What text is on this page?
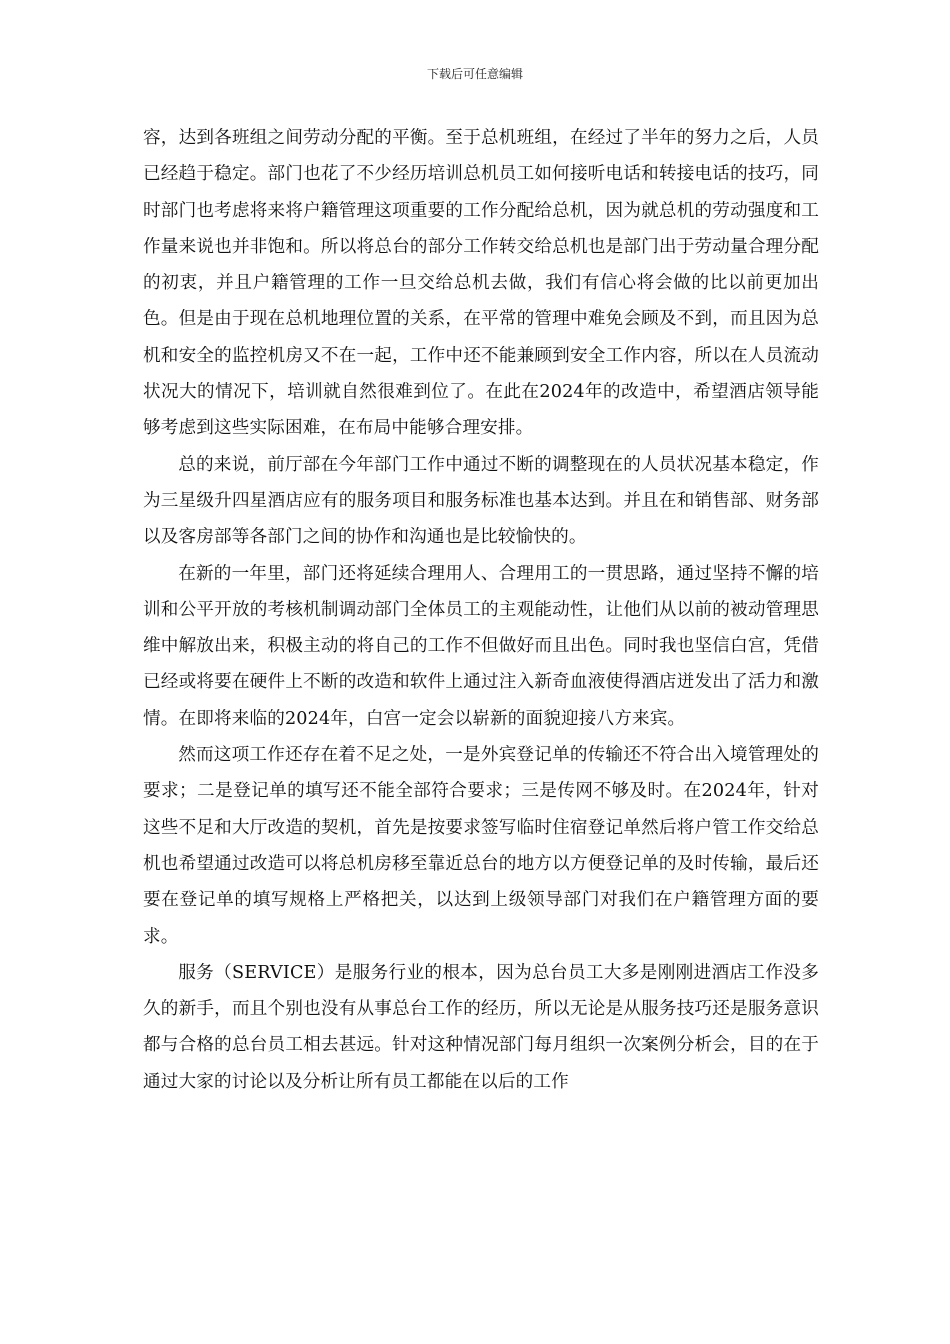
下载后可任意编辑

容，达到各班组之间劳动分配的平衡。至于总机班组，在经过了半年的努力之后，人员已经趋于稳定。部门也花了不少经历培训总机员工如何接听电话和转接电话的技巧，同时部门也考虑将来将户籍管理这项重要的工作分配给总机，因为就总机的劳动强度和工作量来说也并非饱和。所以将总台的部分工作转交给总机也是部门出于劳动量合理分配的初衷，并且户籍管理的工作一旦交给总机去做，我们有信心将会做的比以前更加出色。但是由于现在总机地理位置的关系，在平常的管理中难免会顾及不到，而且因为总机和安全的监控机房又不在一起，工作中还不能兼顾到安全工作内容，所以在人员流动状况大的情况下，培训就自然很难到位了。在此在2024年的改造中，希望酒店领导能够考虑到这些实际困难，在布局中能够合理安排。

总的来说，前厅部在今年部门工作中通过不断的调整现在的人员状况基本稳定，作为三星级升四星酒店应有的服务项目和服务标准也基本达到。并且在和销售部、财务部以及客房部等各部门之间的协作和沟通也是比较愉快的。

在新的一年里，部门还将延续合理用人、合理用工的一贯思路，通过坚持不懈的培训和公平开放的考核机制调动部门全体员工的主观能动性，让他们从以前的被动管理思维中解放出来，积极主动的将自己的工作不但做好而且出色。同时我也坚信白宫，凭借已经或将要在硬件上不断的改造和软件上通过注入新奇血液使得酒店迸发出了活力和激情。在即将来临的2024年，白宫一定会以崭新的面貌迎接八方来宾。

然而这项工作还存在着不足之处，一是外宾登记单的传输还不符合出入境管理处的要求；二是登记单的填写还不能全部符合要求；三是传网不够及时。在2024年，针对这些不足和大厅改造的契机，首先是按要求签写临时住宿登记单然后将户管工作交给总机也希望通过改造可以将总机房移至靠近总台的地方以方便登记单的及时传输，最后还要在登记单的填写规格上严格把关，以达到上级领导部门对我们在户籍管理方面的要求。

服务（SERVICE）是服务行业的根本，因为总台员工大多是刚刚进酒店工作没多久的新手，而且个别也没有从事总台工作的经历，所以无论是从服务技巧还是服务意识都与合格的总台员工相去甚远。针对这种情况部门每月组织一次案例分析会，目的在于通过大家的讨论以及分析让所有员工都能在以后的工作
